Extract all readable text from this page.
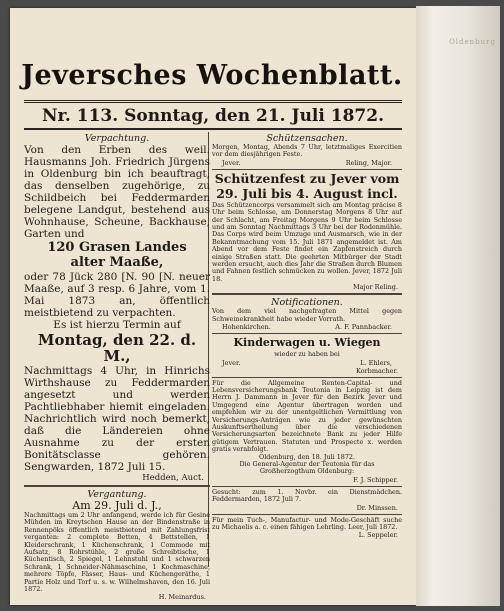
Jeversches Wochenblatt.
Nr. 113. Sonntag, den 21. Juli 1872.

Verpachtung.

Von den Erben des weil. Hausmanns Joh. Friedrich Jürgens in Oldenburg bin ich beauftragt, das denselben zugehörige, zu Schildbeich bei Feddermarden belegene Landgut, bestehend aus Wohnhause, Scheune, Backhause, Garten und

120 Grasen Landes

alter Maaße,

oder 78 Jück 280 [N. 90 [N. neuer Maaße, auf 3 resp. 6 Jahre, vom 1. Mai 1873 an, öffentlich meistbietend zu verpachten.

Es ist hierzu Termin auf

Montag, den 22. d. M.,

Nachmittags 4 Uhr, in Hinrichs Wirthshause zu Feddermarden angesetzt und werden Pachtliebhaber hiemit eingeladen. Nachrichtlich wird noch bemerkt, daß die Ländereien ohne Ausnahme zu der ersten Bonitätsclasse gehören. Sengwarden, 1872 Juli 15.

Hedden, Auct.

Vergantung.

Am 29. Juli d. J.,

Nachmittags um 2 Uhr anfangend, werde ich für Gesine Mühden im Kreytschen Hause an der Bindenstraße in Rennenpöks öffentlich meistbietend mit Zahlungsfrist verganten: 2 complete Betten, 4 Bettstellen, 1 Kleiderschrank, 1 Küchenschrank, 1 Commode mit Aufsatz, 8 Rohrstühle, 2 große Schreibtische, 1 Küchentisch, 2 Spiegel, 1 Lehnstuhl und 1 schwarzen Schrank, 1 Schneider-Nähmaschine, 1 Kochmaschine, mehrere Töpfe, Fässer, Haus- und Küchengeräthe, 1 Partie Holz und Torf u. s. w. Wilhelmshaven, den 16. Juli 1872.

H. Meinardus.

Schützensachen.

Morgen, Montag, Abends 7 Uhr, letztmaliges Exercitien vor dem diesjährigen Feste.

Jever.	Reling, Major.

Schützenfest zu Jever vom

29. Juli bis 4. August incl.

Das Schützencorps versammelt sich am Montag präcise 8 Uhr beim Schlosse, am Donnerstag Morgens 8 Uhr auf der Schlacht, am Freitag Morgens 9 Uhr beim Schlosse und am Sonntag Nachmittags 3 Uhr bei der Rodenmühle. Das Corps wird beim Umzuge und Ausmarsch, wie in der Bekanntmachung vom 15. Juli 1871 angemeldet ist. Am Abend vor dem Feste findet ein Zapfenstreich durch einige Straßen statt. Die geehrten Mitbürger der Stadt werden ersucht, auch dies Jahr die Straßen durch Blumen und Fahnen festlich schmücken zu wollen. Jever, 1872 Juli 18.

Major Reling.

Notificationen.

Von dem viel nachgefragten Mittel gegen Schweinekrankheit habe wieder Vorrath.

Hohenkirchen.	A. F. Pannbacker.

Kinderwagen u. Wiegen

wieder zu haben bei

Jever.	L. Ehlers,

Korbmacher.

Für die Allgemeine Renten-Capital- und Lebensversicherungsbank Teutonia in Leipzig ist dem Herrn J. Dammann in Jever für den Bezirk Jever und Umgegend eine Agentur übertragen worden und empfehlen wir zu der unentgeltlichen Vermittlung von Versicherungs-Anträgen wie zu jeder gewünschten Auskunftsertheilung über die verschiedenen Versicherungsarten bezeichnete Bank zu jeder Hilfe gütigem Vertrauen. Statuten und Prospecte x. werden gratis verabfolgt.

Oldenburg, den 18. Juli 1872.

Die General-Agentur der Teutonia für das Großherzogthum Oldenburg:

F. J. Schipper.

Gesucht: zum 1. Novbr. ein Dienstmädchen. Feddermarden, 1872 Juli 7.

Dr. Minssen.

Für mein Tuch-, Manufactur- und Mode-Geschäft suche zu Michaelis a. c. einen fähigen Lehrling. Leer, Juli 1872.

L. Seppeler.

Oldenburg
